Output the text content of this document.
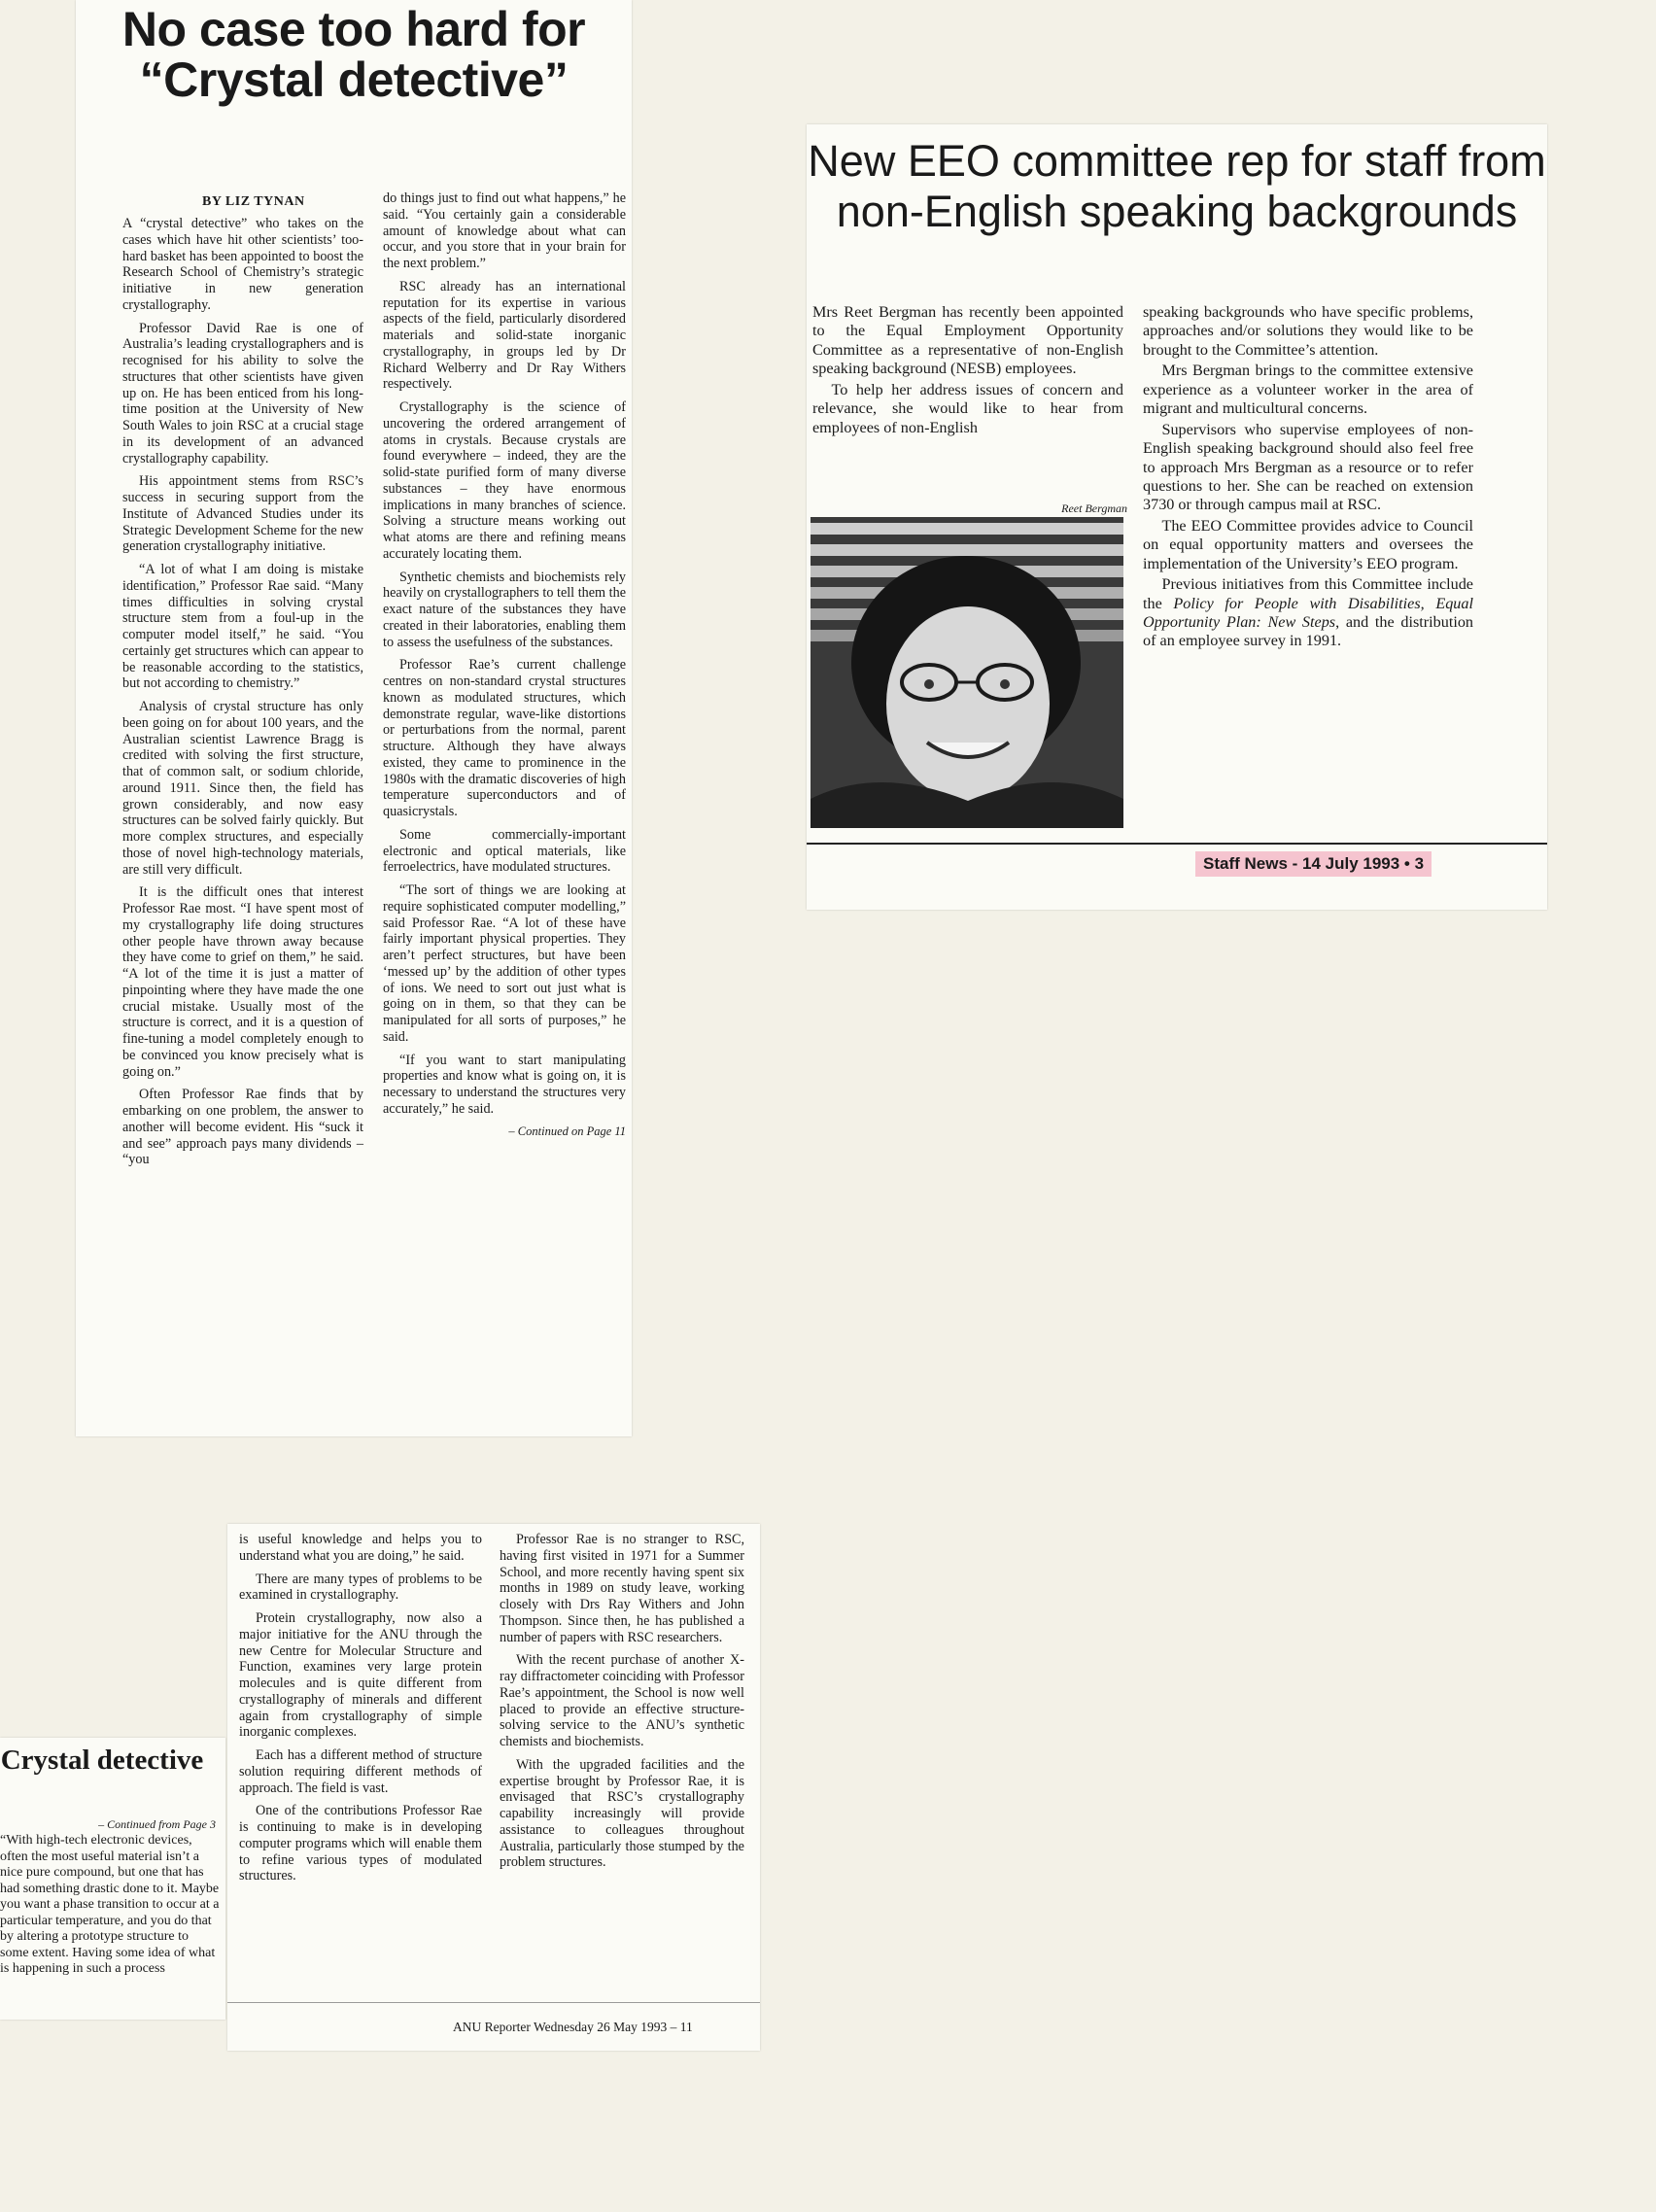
No case too hard for “Crystal detective”
BY LIZ TYNAN

A “crystal detective” who takes on the cases which have hit other scientists’ too-hard basket has been appointed to boost the Research School of Chemistry’s strategic initiative in new generation crystallography.

Professor David Rae is one of Australia’s leading crystallographers and is recognised for his ability to solve the structures that other scientists have given up on. He has been enticed from his long-time position at the University of New South Wales to join RSC at a crucial stage in its development of an advanced crystallography capability.

His appointment stems from RSC’s success in securing support from the Institute of Advanced Studies under its Strategic Development Scheme for the new generation crystallography initiative.

“A lot of what I am doing is mistake identification,” Professor Rae said. “Many times difficulties in solving crystal structure stem from a foul-up in the computer model itself,” he said. “You certainly get structures which can appear to be reasonable according to the statistics, but not according to chemistry.”

Analysis of crystal structure has only been going on for about 100 years, and the Australian scientist Lawrence Bragg is credited with solving the first structure, that of common salt, or sodium chloride, around 1911. Since then, the field has grown considerably, and now easy structures can be solved fairly quickly. But more complex structures, and especially those of novel high-technology materials, are still very difficult.

It is the difficult ones that interest Professor Rae most. “I have spent most of my crystallography life doing structures other people have thrown away because they have come to grief on them,” he said. “A lot of the time it is just a matter of pinpointing where they have made the one crucial mistake. Usually most of the structure is correct, and it is a question of fine-tuning a model completely enough to be convinced you know precisely what is going on.”

Often Professor Rae finds that by embarking on one problem, the answer to another will become evident. His “suck it and see” approach pays many dividends – “you

do things just to find out what happens,” he said. “You certainly gain a considerable amount of knowledge about what can occur, and you store that in your brain for the next problem.”

RSC already has an international reputation for its expertise in various aspects of the field, particularly disordered materials and solid-state inorganic crystallography, in groups led by Dr Richard Welberry and Dr Ray Withers respectively.

Crystallography is the science of uncovering the ordered arrangement of atoms in crystals. Because crystals are found everywhere – indeed, they are the solid-state purified form of many diverse substances – they have enormous implications in many branches of science. Solving a structure means working out what atoms are there and refining means accurately locating them.

Synthetic chemists and biochemists rely heavily on crystallographers to tell them the exact nature of the substances they have created in their laboratories, enabling them to assess the usefulness of the substances.

Professor Rae’s current challenge centres on non-standard crystal structures known as modulated structures, which demonstrate regular, wave-like distortions or perturbations from the normal, parent structure. Although they have always existed, they came to prominence in the 1980s with the dramatic discoveries of high temperature superconductors and of quasicrystals.

Some commercially-important electronic and optical materials, like ferroelectrics, have modulated structures.

“The sort of things we are looking at require sophisticated computer modelling,” said Professor Rae. “A lot of these have fairly important physical properties. They aren’t perfect structures, but have been ‘messed up’ by the addition of other types of ions. We need to sort out just what is going on in them, so that they can be manipulated for all sorts of purposes,” he said.

“If you want to start manipulating properties and know what is going on, it is necessary to understand the structures very accurately,” he said.

– Continued on Page 11
New EEO committee rep for staff from non-English speaking backgrounds

Mrs Reet Bergman has recently been appointed to the Equal Employment Opportunity Committee as a representative of non-English speaking background (NESB) employees.

To help her address issues of concern and relevance, she would like to hear from employees of non-English

Reet Bergman

speaking backgrounds who have specific problems, approaches and/or solutions they would like to be brought to the Committee’s attention.

Mrs Bergman brings to the committee extensive experience as a volunteer worker in the area of migrant and multicultural concerns.

Supervisors who supervise employees of non-English speaking background should also feel free to approach Mrs Bergman as a resource or to refer questions to her. She can be reached on extension 3730 or through campus mail at RSC.

The EEO Committee provides advice to Council on equal opportunity matters and oversees the implementation of the University’s EEO program.

Previous initiatives from this Committee include the Policy for People with Disabilities, Equal Opportunity Plan: New Steps, and the distribution of an employee survey in 1991.

Staff News - 14 July 1993 • 3
Crystal detective
– Continued from Page 3

“With high-tech electronic devices, often the most useful material isn’t a nice pure compound, but one that has had something drastic done to it. Maybe you want a phase transition to occur at a particular temperature, and you do that by altering a prototype structure to some extent. Having some idea of what is happening in such a process

is useful knowledge and helps you to understand what you are doing,” he said.

There are many types of problems to be examined in crystallography.

Protein crystallography, now also a major initiative for the ANU through the new Centre for Molecular Structure and Function, examines very large protein molecules and is quite different from crystallography of minerals and different again from crystallography of simple inorganic complexes.

Each has a different method of structure solution requiring different methods of approach. The field is vast.

One of the contributions Professor Rae is continuing to make is in developing computer programs which will enable them to refine various types of modulated structures.

Professor Rae is no stranger to RSC, having first visited in 1971 for a Summer School, and more recently having spent six months in 1989 on study leave, working closely with Drs Ray Withers and John Thompson. Since then, he has published a number of papers with RSC researchers.

With the recent purchase of another X-ray diffractometer coinciding with Professor Rae’s appointment, the School is now well placed to provide an effective structure-solving service to the ANU’s synthetic chemists and biochemists.

With the upgraded facilities and the expertise brought by Professor Rae, it is envisaged that RSC’s crystallography capability increasingly will provide assistance to colleagues throughout Australia, particularly those stumped by the problem structures.

ANU Reporter Wednesday 26 May 1993 – 11
